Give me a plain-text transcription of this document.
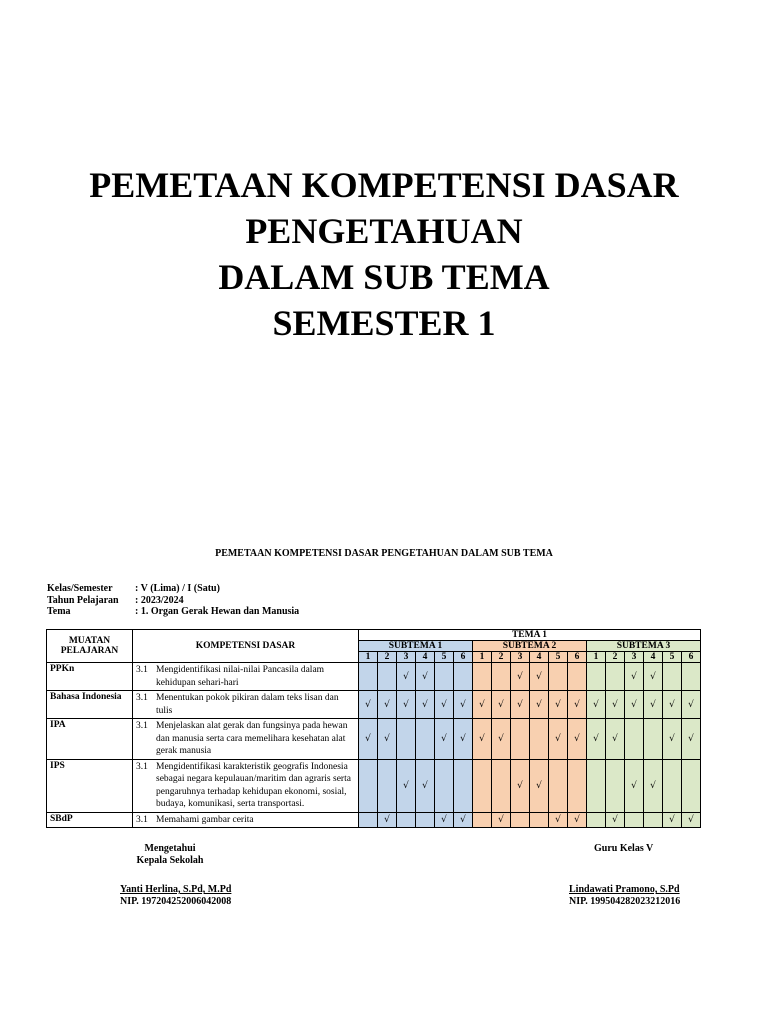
PEMETAAN KOMPETENSI DASAR
PENGETAHUAN
DALAM SUB TEMA
SEMESTER 1
PEMETAAN KOMPETENSI DASAR PENGETAHUAN DALAM SUB TEMA
Kelas/Semester	: V (Lima) / I (Satu)
Tahun Pelajaran	: 2023/2024
Tema	: 1. Organ Gerak Hewan dan Manusia
MUATAN PELAJARAN	KOMPETENSI DASAR	TEMA 1																	
		SUBTEMA 1						SUBTEMA 2						SUBTEMA 3					
		1	2	3	4	5	6	1	2	3	4	5	6	1	2	3	4	5	6
PPKn	3.1 Mengidentifikasi nilai-nilai Pancasila dalam kehidupan sehari-hari			√	√					√	√					√	√		
Bahasa Indonesia	3.1 Menentukan pokok pikiran dalam teks lisan dan tulis	√	√	√	√	√	√	√	√	√	√	√	√	√	√	√	√	√	√
IPA	3.1 Menjelaskan alat gerak dan fungsinya pada hewan dan manusia serta cara memelihara kesehatan alat gerak manusia	√	√			√	√	√	√			√	√	√	√			√	√
IPS	3.1 Mengidentifikasi karakteristik geografis Indonesia sebagai negara kepulauan/maritim dan agraris serta pengaruhnya terhadap kehidupan ekonomi, sosial, budaya, komunikasi, serta transportasi.			√	√					√	√					√	√		
SBdP	3.1 Memahami gambar cerita		√			√	√		√			√	√		√			√	√
Mengetahui
Kepala Sekolah
Yanti Herlina, S.Pd, M.Pd
NIP. 197204252006042008
Guru Kelas V
Lindawati Pramono, S.Pd
NIP. 199504282023212016
